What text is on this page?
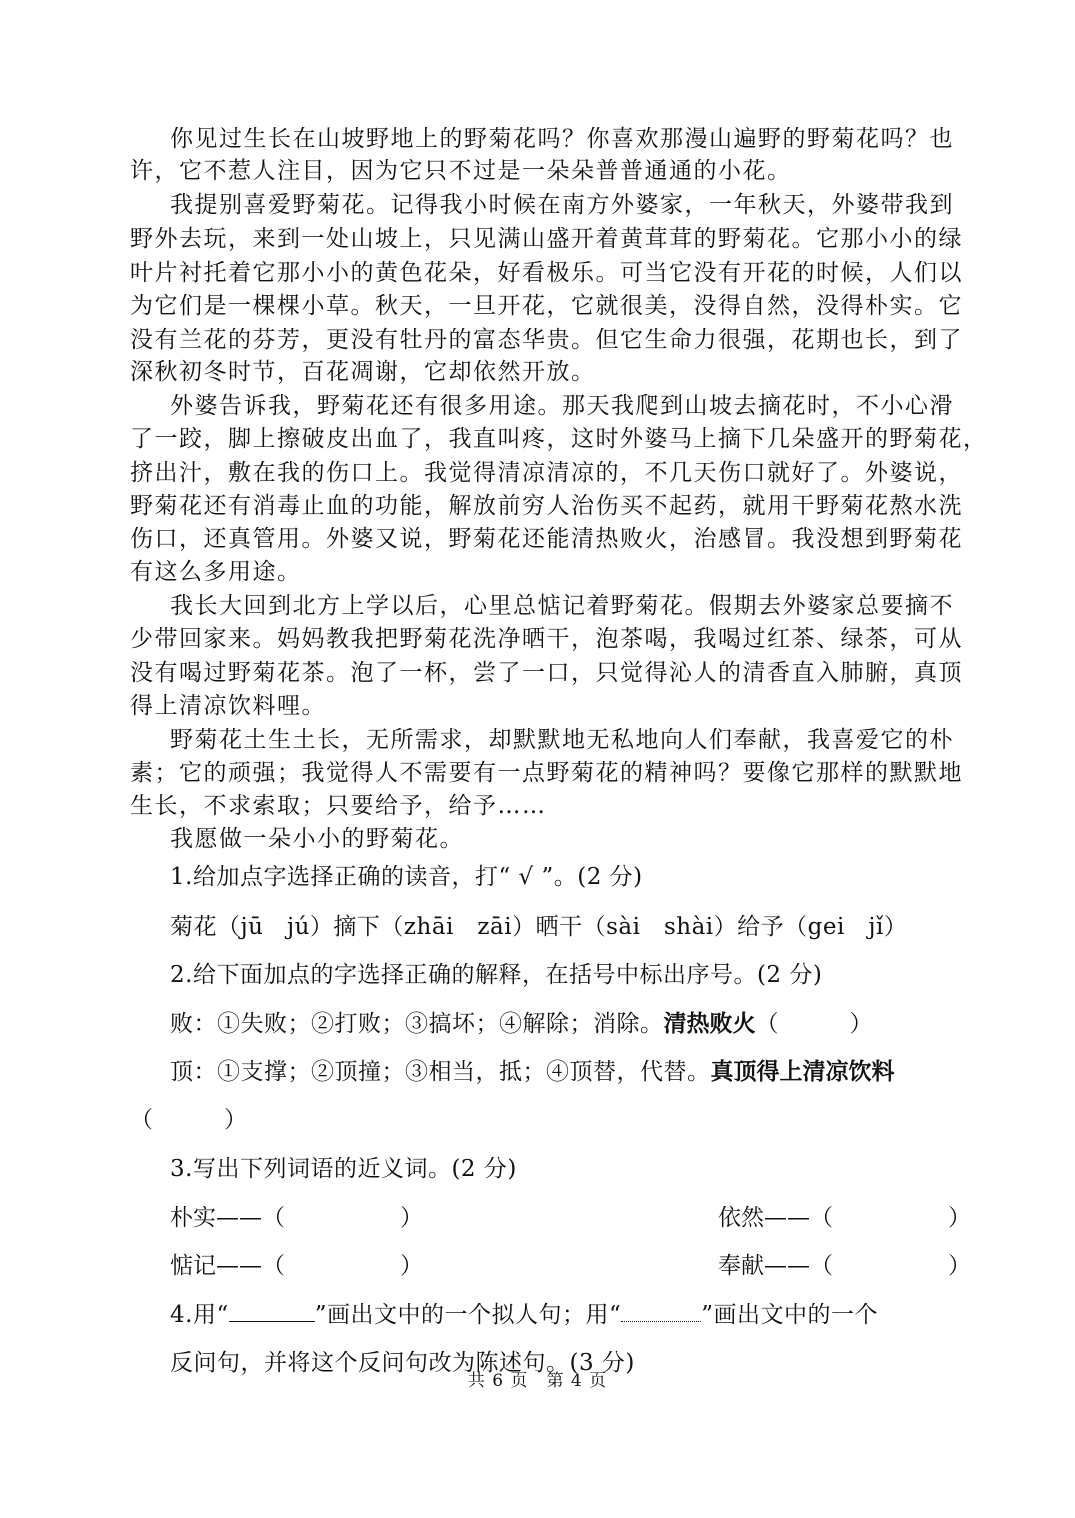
你见过生长在山坡野地上的野菊花吗？你喜欢那漫山遍野的野菊花吗？也
许，它不惹人注目，因为它只不过是一朵朵普普通通的小花。
我提别喜爱野菊花。记得我小时候在南方外婆家，一年秋天，外婆带我到
野外去玩，来到一处山坡上，只见满山盛开着黄茸茸的野菊花。它那小小的绿
叶片衬托着它那小小的黄色花朵，好看极乐。可当它没有开花的时候，人们以
为它们是一棵棵小草。秋天，一旦开花，它就很美，没得自然，没得朴实。它
没有兰花的芬芳，更没有牡丹的富态华贵。但它生命力很强，花期也长，到了
深秋初冬时节，百花凋谢，它却依然开放。
外婆告诉我，野菊花还有很多用途。那天我爬到山坡去摘花时，不小心滑
了一跤，脚上擦破皮出血了，我直叫疼，这时外婆马上摘下几朵盛开的野菊花，
挤出汁，敷在我的伤口上。我觉得清凉清凉的，不几天伤口就好了。外婆说，
野菊花还有消毒止血的功能，解放前穷人治伤买不起药，就用干野菊花熬水洗
伤口，还真管用。外婆又说，野菊花还能清热败火，治感冒。我没想到野菊花
有这么多用途。
我长大回到北方上学以后，心里总惦记着野菊花。假期去外婆家总要摘不
少带回家来。妈妈教我把野菊花洗净晒干，泡茶喝，我喝过红茶、绿茶，可从
没有喝过野菊花茶。泡了一杯，尝了一口，只觉得沁人的清香直入肺腑，真顶
得上清凉饮料哩。
野菊花土生土长，无所需求，却默默地无私地向人们奉献，我喜爱它的朴
素；它的顽强；我觉得人不需要有一点野菊花的精神吗？要像它那样的默默地
生长，不求索取；只要给予，给予……
我愿做一朵小小的野菊花。
1.给加点字选择正确的读音，打“ √ ”。(2 分)
菊花（jū　jú）摘下（zhāi　zāi）晒干（sài　shài）给予（gei　jǐ）
2.给下面加点的字选择正确的解释，在括号中标出序号。(2 分)
败：①失败；②打败；③搞坏；④解除；消除。清热败火（　　　）
顶：①支撑；②顶撞；③相当，抵；④顶替，代替。真顶得上清凉饮料
（　　　）
3.写出下列词语的近义词。(2 分)
朴实——（　　　　　）	依然——（　　　　　）
惦记——（　　　　　）	奉献——（　　　　　）
4.用“	”画出文中的一个拟人句；用“	”画出文中的一个
反问句，并将这个反问句改为陈述句。(3 分)
共 6 页　第 4 页
